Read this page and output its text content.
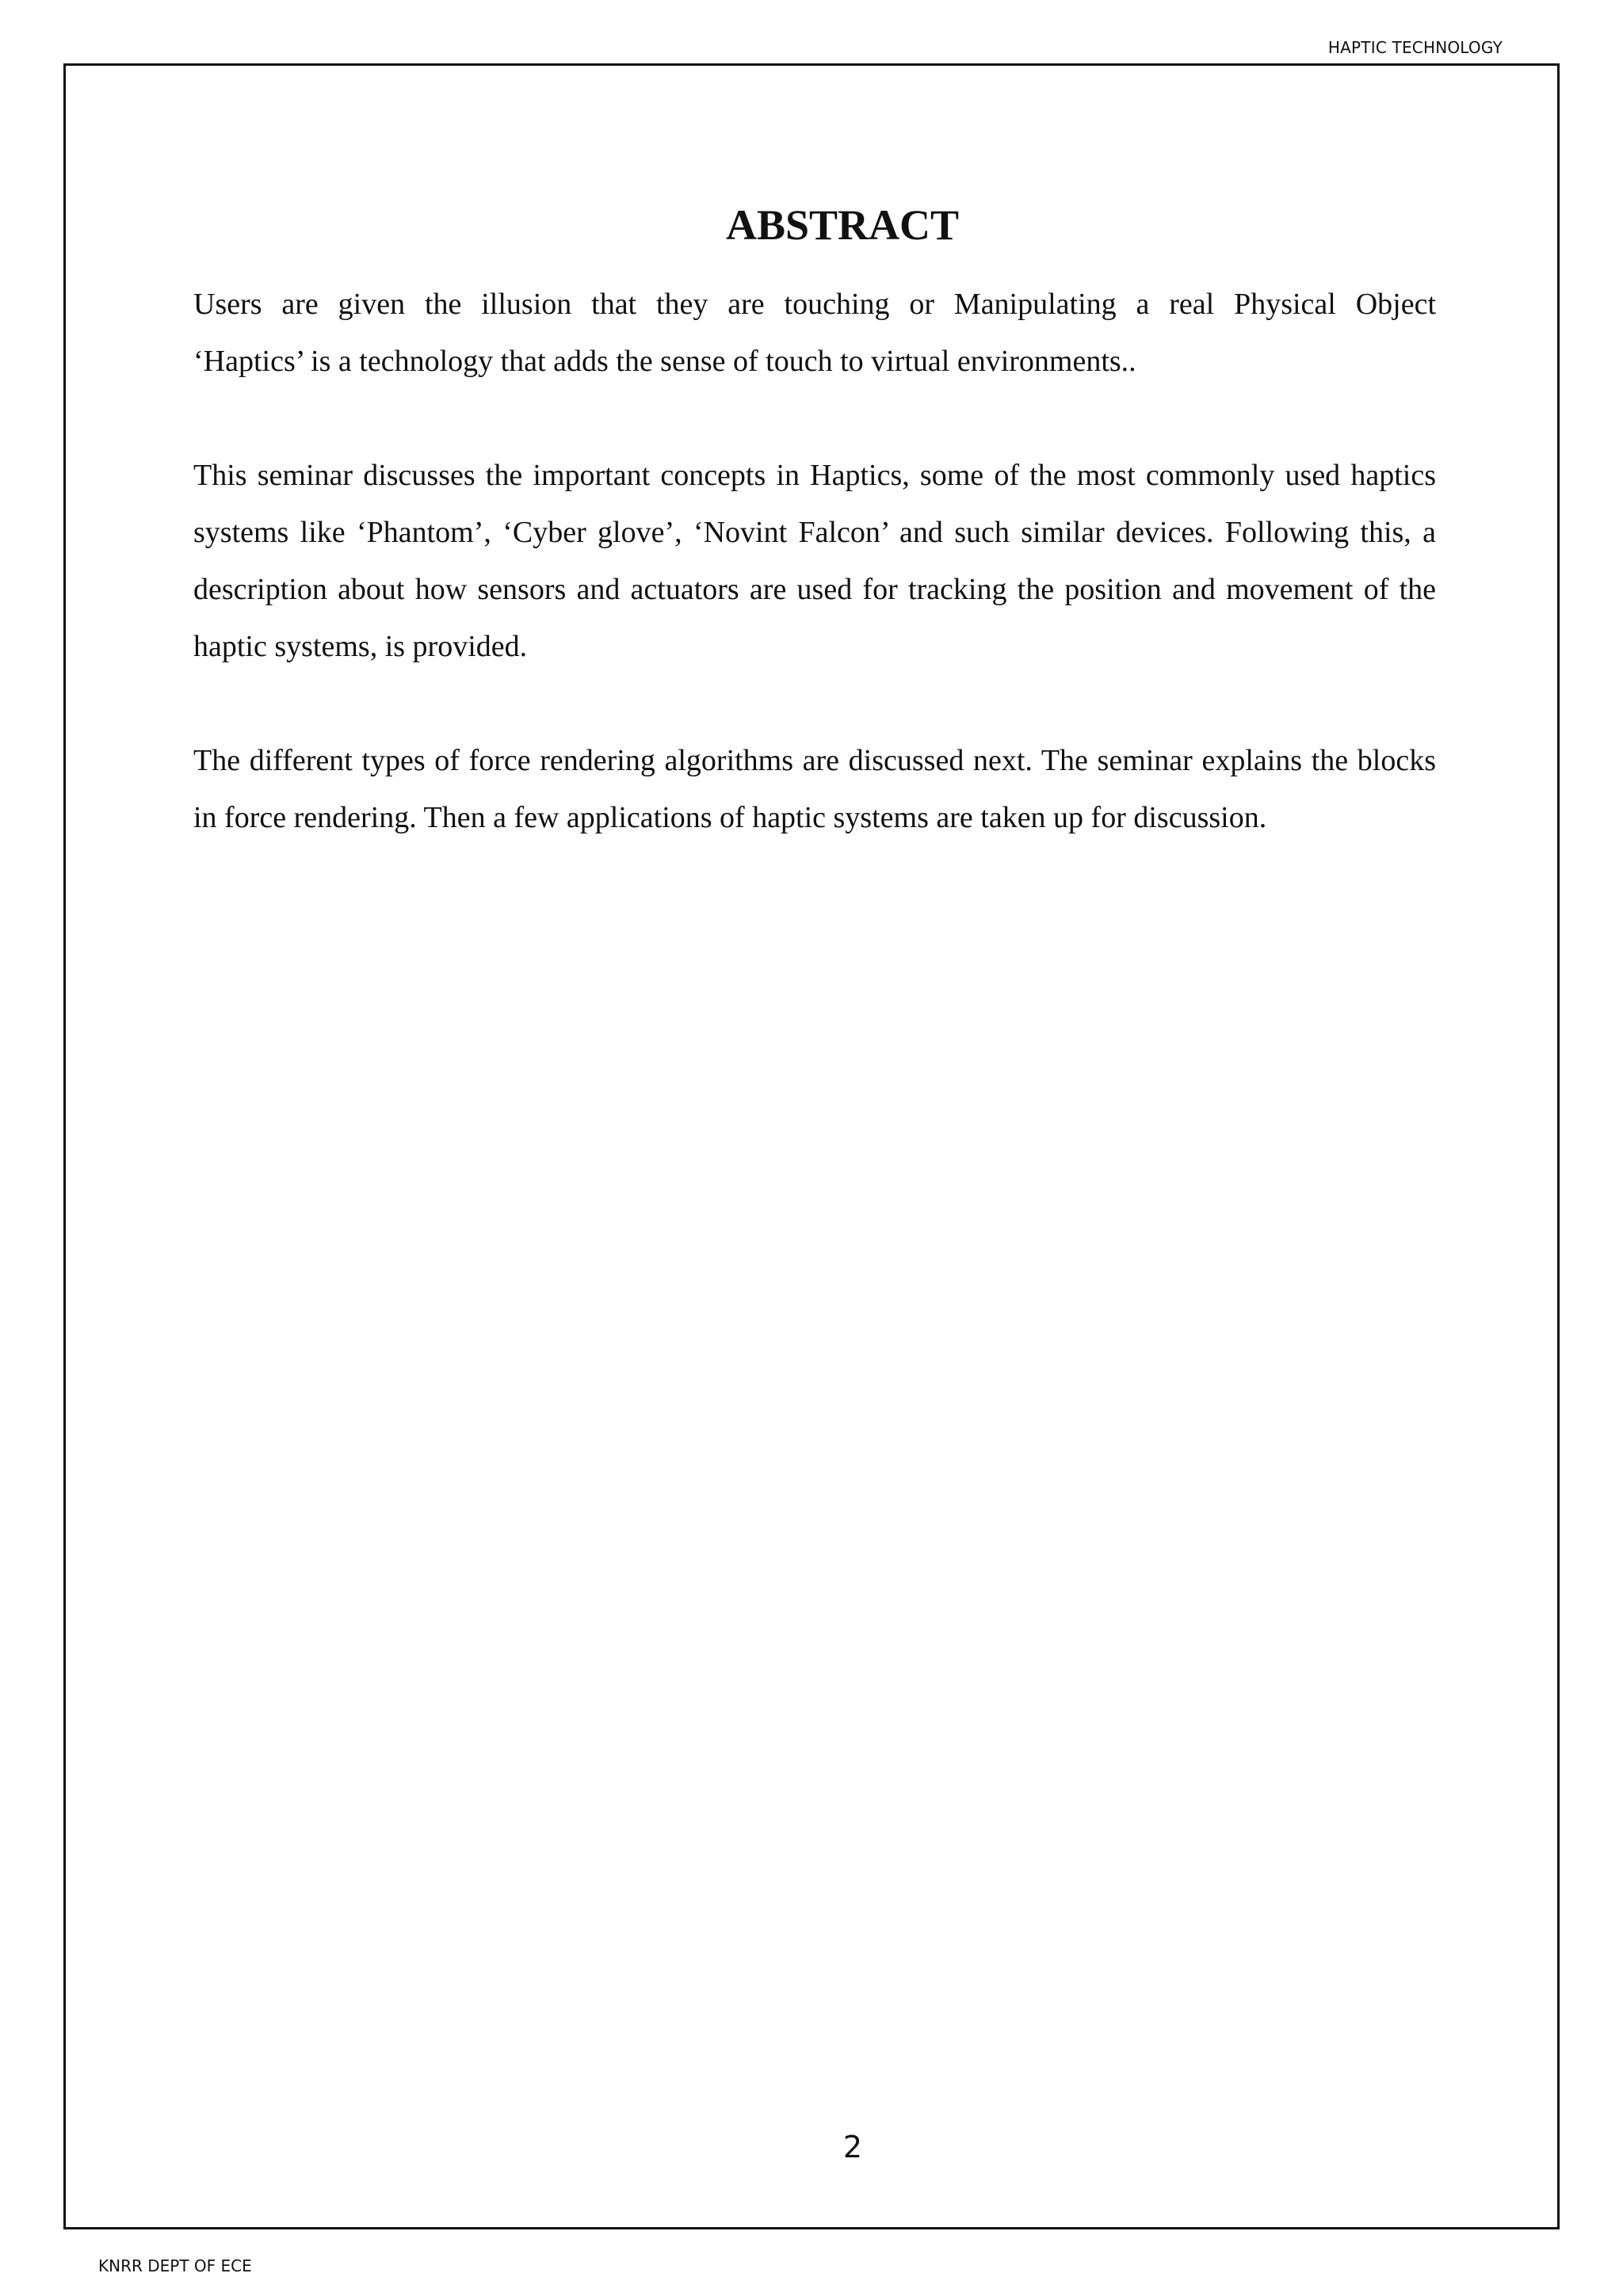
HAPTIC TECHNOLOGY
ABSTRACT

Users are given the illusion that they are touching or Manipulating a real Physical Object
‘Haptics’ is a technology that adds the sense of touch to virtual environments..

This seminar discusses the important concepts in Haptics, some of the most commonly used haptics systems like ‘Phantom’, ‘Cyber glove’, ‘Novint Falcon’ and such similar devices. Following this, a description about how sensors and actuators are used for tracking the position and movement of the haptic systems, is provided.

The different types of force rendering algorithms are discussed next. The seminar explains the blocks in force rendering. Then a few applications of haptic systems are taken up for discussion.

2
KNRR DEPT OF ECE
